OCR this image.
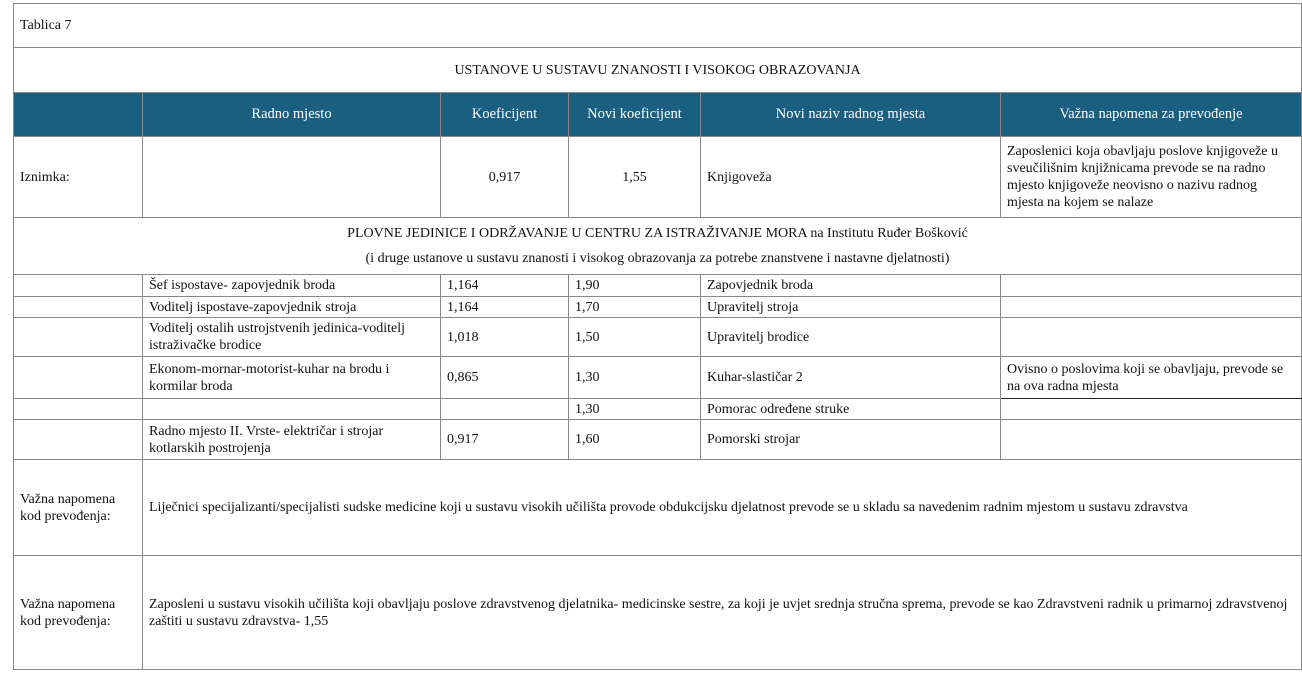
Tablica 7					
USTANOVE U SUSTAVU ZNANOSTI I VISOKOG OBRAZOVANJA					
	Radno mjesto	Koeficijent	Novi koeficijent	Novi naziv radnog mjesta	Važna napomena za prevođenje
Iznimka:		0,917	1,55	Knjigoveža	Zaposlenici koja obavljaju poslove knjigoveže u sveučilišnim knjižnicama prevode se na radno mjesto knjigoveže neovisno o nazivu radnog mjesta na kojem se nalaze

PLOVNE JEDINICE I ODRŽAVANJE U CENTRU ZA ISTRAŽIVANJE MORA na Institutu Ruđer Bošković
(i druge ustanove u sustavu znanosti i visokog obrazovanja za potrebe znanstvene i nastavne djelatnosti)					

	Šef ispostave- zapovjednik broda	1,164	1,90	Zapovjednik broda	
	Voditelj ispostave-zapovjednik stroja	1,164	1,70	Upravitelj stroja	
	Voditelj ostalih ustrojstvenih jedinica-voditelj istraživačke brodice	1,018	1,50	Upravitelj brodice	
	Ekonom-mornar-motorist-kuhar na brodu i kormilar broda	0,865	1,30	Kuhar-slastičar 2	Ovisno o poslovima koji se obavljaju, prevode se na ova radna mjesta
			1,30	Pomorac određene struke	
	Radno mjesto II. Vrste- električar i strojar kotlarskih postrojenja	0,917	1,60	Pomorski strojar	
Važna napomena kod prevođenja:	Liječnici specijalizanti/specijalisti sudske medicine koji u sustavu visokih učilišta provode obdukcijsku djelatnost prevode se u skladu sa navedenim radnim mjestom u sustavu zdravstva				
Važna napomena kod prevođenja:	Zaposleni u sustavu visokih učilišta koji obavljaju poslove zdravstvenog djelatnika- medicinske sestre, za koji je uvjet srednja stručna sprema, prevode se kao Zdravstveni radnik u primarnoj zdravstvenoj zaštiti u sustavu zdravstva- 1,55				
